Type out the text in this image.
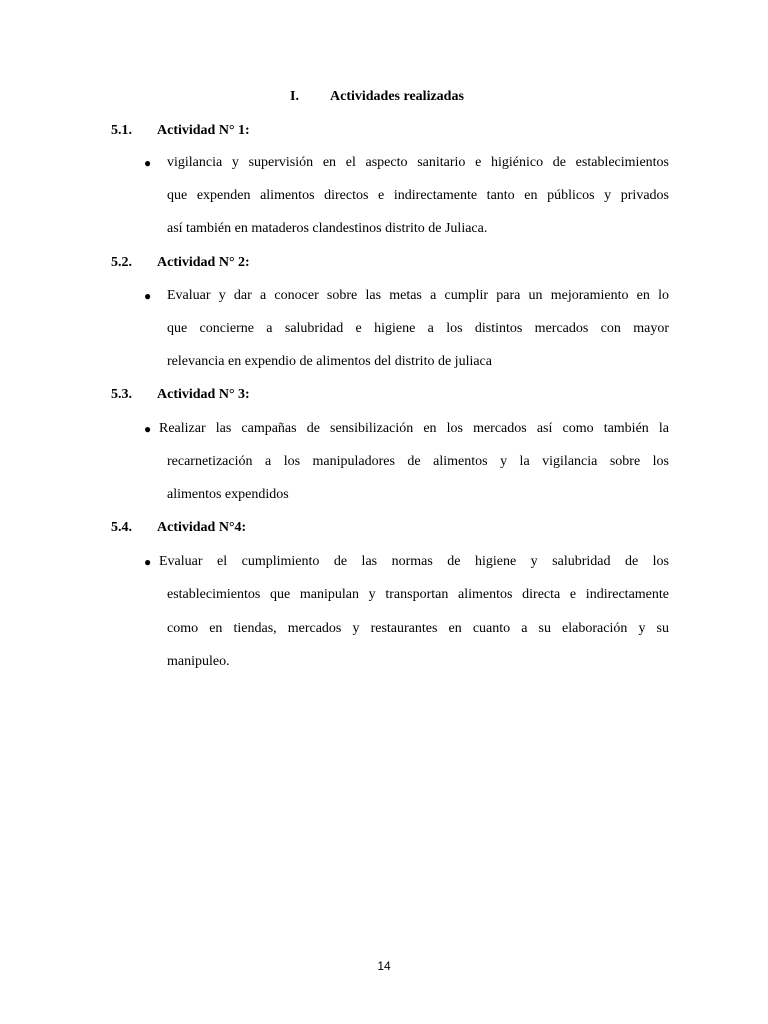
I. Actividades realizadas
5.1. Actividad N° 1:
● vigilancia y supervisión en el aspecto sanitario e higiénico de establecimientos
que expenden alimentos directos e indirectamente tanto en públicos y privados
así también en mataderos clandestinos distrito de Juliaca.
5.2. Actividad N° 2:
● Evaluar y dar a conocer sobre las metas a cumplir para un mejoramiento en lo
que concierne a salubridad e higiene a los distintos mercados con mayor
relevancia en expendio de alimentos del distrito de juliaca
5.3. Actividad N° 3:
● Realizar las campañas de sensibilización en los mercados así como también la
recarnetización a los manipuladores de alimentos y la vigilancia sobre los
alimentos expendidos
5.4. Actividad N°4:
● Evaluar el cumplimiento de las normas de higiene y salubridad de los
establecimientos que manipulan y transportan alimentos directa e indirectamente
como en tiendas, mercados y restaurantes en cuanto a su elaboración y su
manipuleo.
14
